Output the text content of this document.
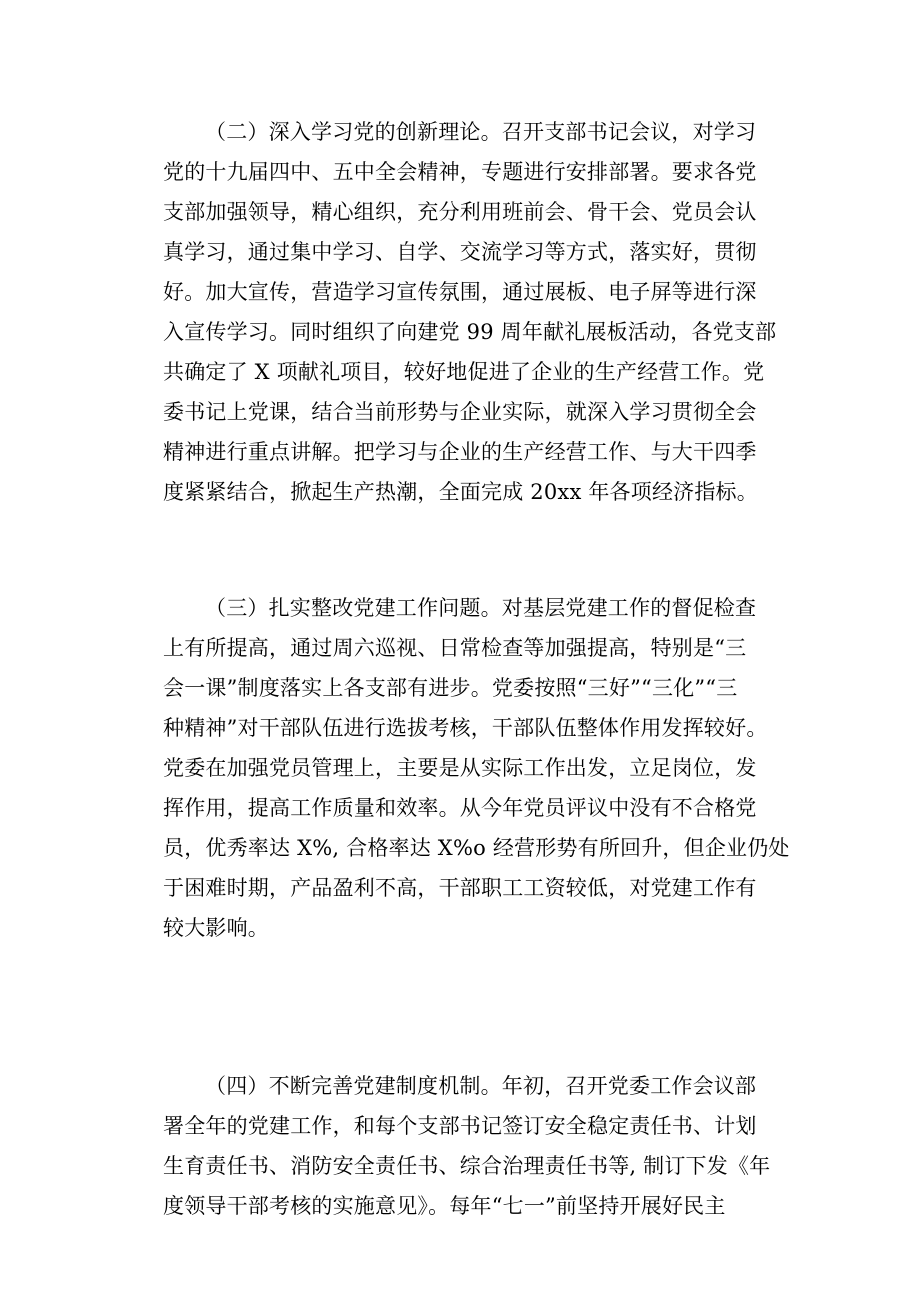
（二）深入学习党的创新理论。召开支部书记会议，对学习
党的十九届四中、五中全会精神，专题进行安排部署。要求各党
支部加强领导，精心组织，充分利用班前会、骨干会、党员会认
真学习，通过集中学习、自学、交流学习等方式，落实好，贯彻
好。加大宣传，营造学习宣传氛围，通过展板、电子屏等进行深
入宣传学习。同时组织了向建党 99 周年献礼展板活动，各党支部
共确定了 X 项献礼项目，较好地促进了企业的生产经营工作。党
委书记上党课，结合当前形势与企业实际，就深入学习贯彻全会
精神进行重点讲解。把学习与企业的生产经营工作、与大干四季
度紧紧结合，掀起生产热潮，全面完成 20xx 年各项经济指标。
（三）扎实整改党建工作问题。对基层党建工作的督促检查
上有所提高，通过周六巡视、日常检查等加强提高，特别是“三
会一课”制度落实上各支部有进步。党委按照“三好”“三化”“三
种精神”对干部队伍进行选拔考核，干部队伍整体作用发挥较好。
党委在加强党员管理上，主要是从实际工作出发，立足岗位，发
挥作用，提高工作质量和效率。从今年党员评议中没有不合格党
员，优秀率达 X%, 合格率达 X%o 经营形势有所回升，但企业仍处
于困难时期，产品盈利不高，干部职工工资较低，对党建工作有
较大影响。
（四）不断完善党建制度机制。年初，召开党委工作会议部
署全年的党建工作，和每个支部书记签订安全稳定责任书、计划
生育责任书、消防安全责任书、综合治理责任书等, 制订下发《年
度领导干部考核的实施意见》。每年“七一”前坚持开展好民主
